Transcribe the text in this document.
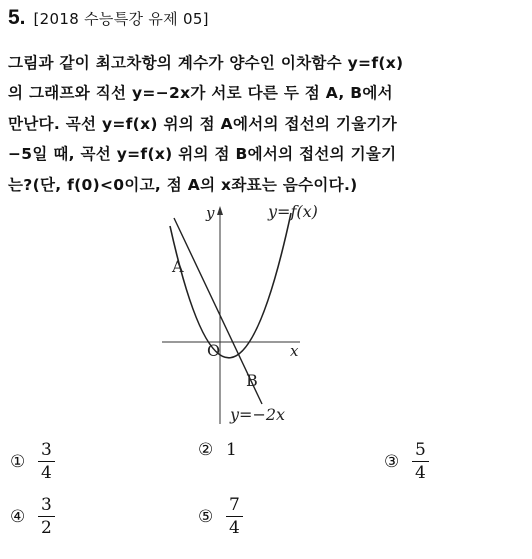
5. [2018 수능특강 유제 05]
그림과 같이 최고차항의 계수가 양수인 이차함수 y=f(x)
의 그래프와 직선 y=−2x가 서로 다른 두 점 A, B에서
만난다. 곡선 y=f(x) 위의 점 A에서의 접선의 기울기가
−5일 때, 곡선 y=f(x) 위의 점 B에서의 접선의 기울기
는?(단, f(0)<0이고, 점 A의 x좌표는 음수이다.)
y	y=f(x)
A
O	x
B
y=−2x
① $\frac{3}{4}$	② 1
③ $\frac{5}{4}$
④ $\frac{3}{2}$	⑤ $\frac{7}{4}$
